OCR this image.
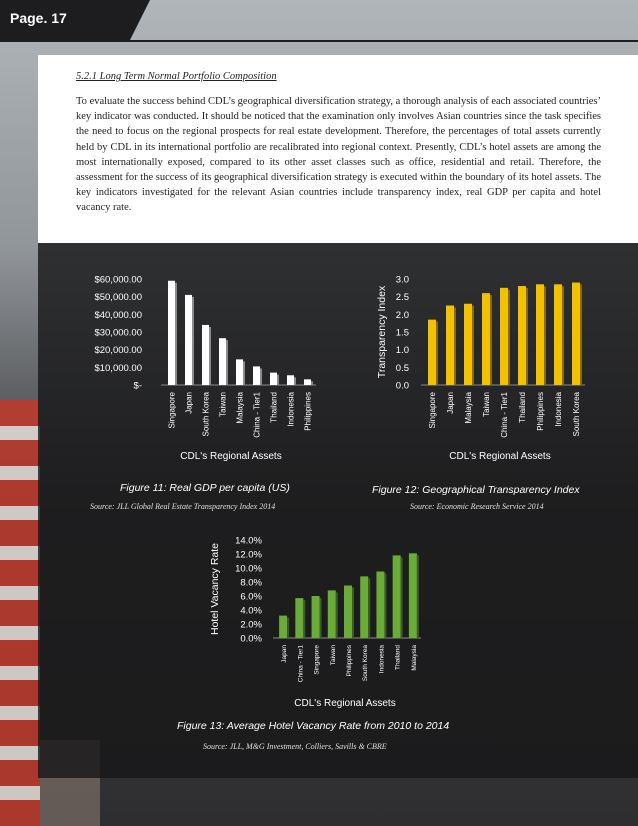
Page. 17
5.2.1 Long Term Normal Portfolio Composition

To evaluate the success behind CDL’s geographical diversification strategy, a thorough analysis of each associated countries’ key indicator was conducted. It should be noticed that the examination only involves Asian countries since the task specifies the need to focus on the regional prospects for real estate development. Therefore, the percentages of total assets currently held by CDL in its international portfolio are recalibrated into regional context. Presently, CDL’s hotel assets are among the most internationally exposed, compared to its other asset classes such as office, residential and retail. Therefore, the assessment for the success of its geographical diversification strategy is executed within the boundary of its hotel assets. The key indicators investigated for the relevant Asian countries include transparency index, real GDP per capita and hotel vacancy rate.

$-
$10,000.00
$20,000.00
$30,000.00
$40,000.00
$50,000.00
$60,000.00
Singapore Japan South Korea Taiwan Malaysia China - Tier1 Thailand Indonesia Philippines
CDL's Regional Assets
0.0
0.5
1.0
1.5
2.0
2.5
3.0
Singapore Japan Malaysia Taiwan China - Tier1 Thailand Philippines Indonesia South Korea
CDL's Regional Assets
Transparency Index
0.0%
2.0%
4.0%
6.0%
8.0%
10.0%
12.0%
14.0%
Japan China - Tier1 Singapore Taiwan Philippines South Korea Indonesia Thailand Malaysia
CDL's Regional Assets
Hotel Vacancy Rate
Figure 11: Real GDP per capita (US)
Source: JLL Global Real Estate Transparency Index 2014
Figure 12: Geographical Transparency Index
Source: Economic Research Service 2014
Figure 13: Average Hotel Vacancy Rate from 2010 to 2014
Source: JLL, M&G Investment, Colliers, Savills & CBRE
